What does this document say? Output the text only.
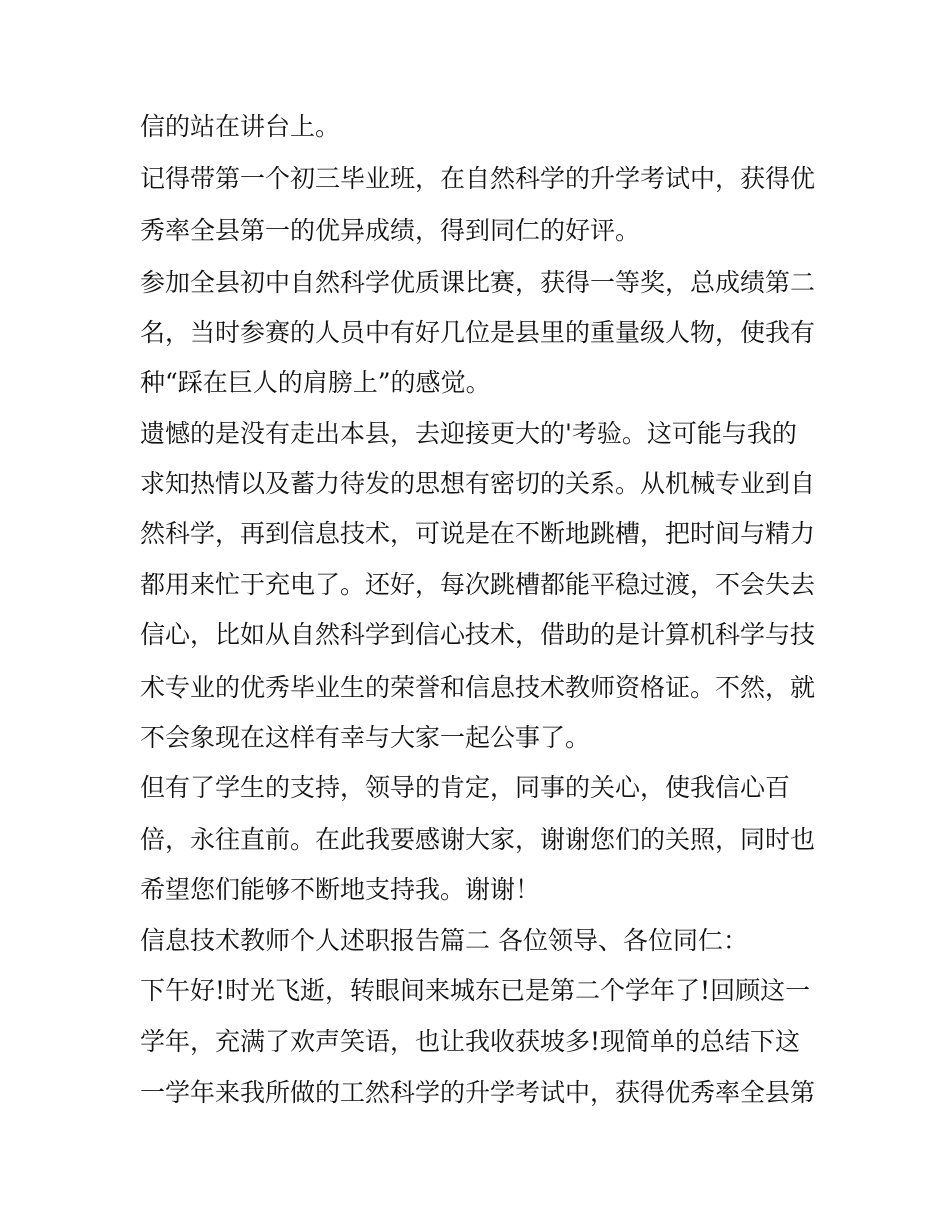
信的站在讲台上。
记得带第一个初三毕业班，在自然科学的升学考试中，获得优
秀率全县第一的优异成绩，得到同仁的好评。
参加全县初中自然科学优质课比赛，获得一等奖，总成绩第二
名，当时参赛的人员中有好几位是县里的重量级人物，使我有
种“踩在巨人的肩膀上”的感觉。
遗憾的是没有走出本县，去迎接更大的'考验。这可能与我的
求知热情以及蓄力待发的思想有密切的关系。从机械专业到自
然科学，再到信息技术，可说是在不断地跳槽，把时间与精力
都用来忙于充电了。还好，每次跳槽都能平稳过渡，不会失去
信心，比如从自然科学到信心技术，借助的是计算机科学与技
术专业的优秀毕业生的荣誉和信息技术教师资格证。不然，就
不会象现在这样有幸与大家一起公事了。
但有了学生的支持，领导的肯定，同事的关心，使我信心百
倍，永往直前。在此我要感谢大家，谢谢您们的关照，同时也
希望您们能够不断地支持我。谢谢！
信息技术教师个人述职报告篇二 各位领导、各位同仁：
下午好!时光飞逝，转眼间来城东已是第二个学年了!回顾这一
学年，充满了欢声笑语，也让我收获坡多!现简单的总结下这
一学年来我所做的工然科学的升学考试中，获得优秀率全县第
